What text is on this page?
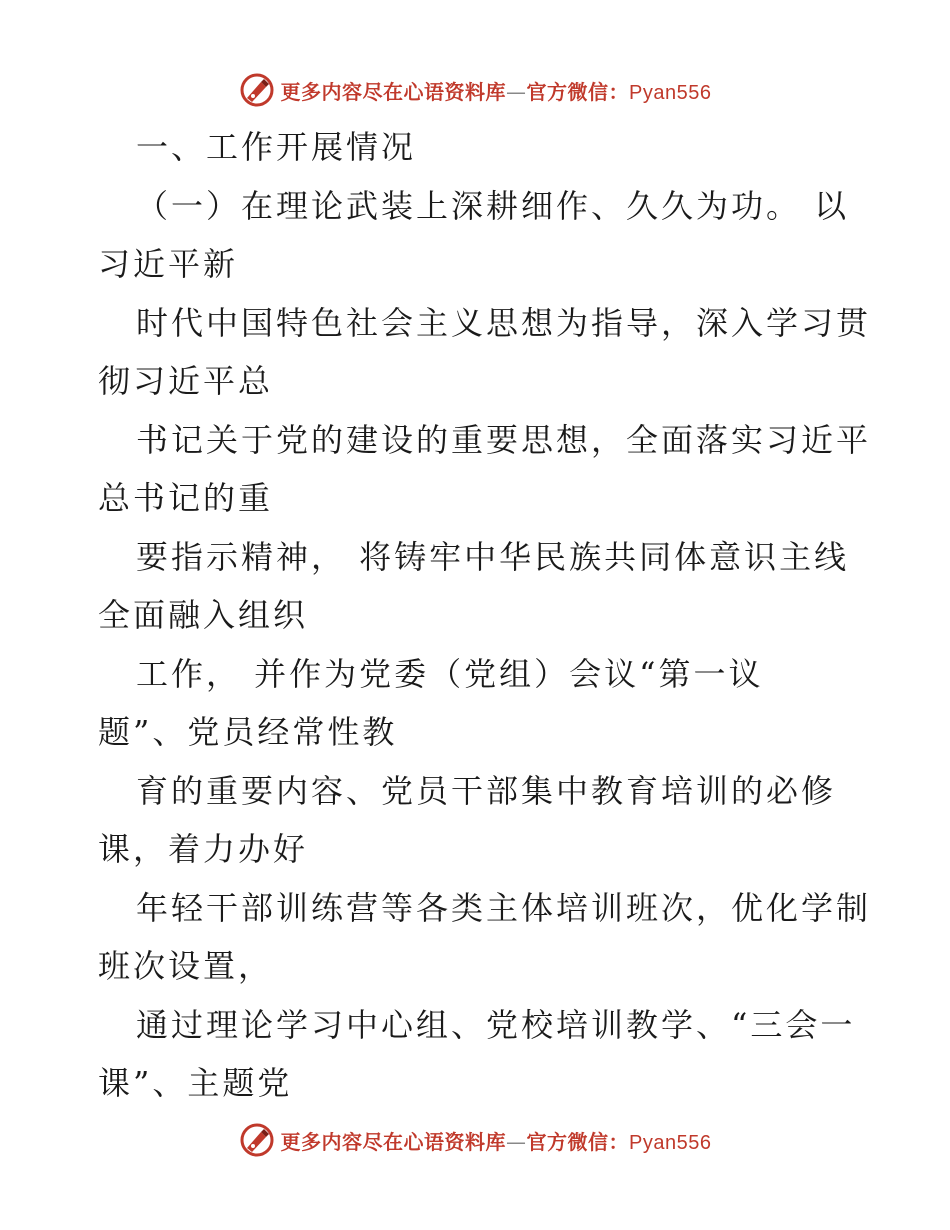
更多内容尽在心语资料库—官方微信：Pyan556
一、工作开展情况
（一）在理论武装上深耕细作、久久为功。 以
习近平新
时代中国特色社会主义思想为指导，深入学习贯
彻习近平总
书记关于党的建设的重要思想，全面落实习近平
总书记的重
要指示精神， 将铸牢中华民族共同体意识主线
全面融入组织
工作， 并作为党委（党组）会议“第一议
题”、党员经常性教
育的重要内容、党员干部集中教育培训的必修
课，着力办好
年轻干部训练营等各类主体培训班次，优化学制
班次设置，
通过理论学习中心组、党校培训教学、“三会一
课”、主题党
更多内容尽在心语资料库—官方微信：Pyan556
